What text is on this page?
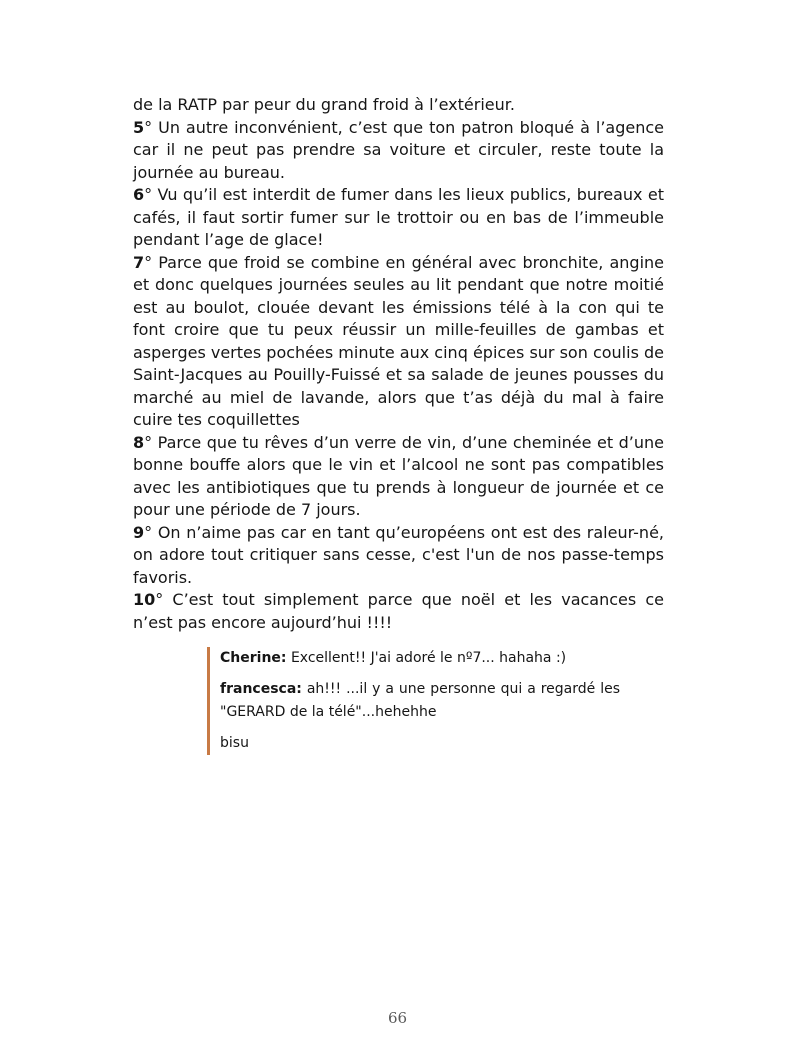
de la RATP par peur du grand froid à l’extérieur.

5° Un autre inconvénient, c’est que ton patron bloqué à l’agence car il ne peut pas prendre sa voiture et circuler, reste toute la journée au bureau.

6° Vu qu’il est interdit de fumer dans les lieux publics, bureaux et cafés, il faut sortir fumer sur le trottoir ou en bas de l’immeuble pendant l’age de glace!

7° Parce que froid se combine en général avec bronchite, angine et donc quelques journées seules au lit pendant que notre moitié est au boulot, clouée devant les émissions télé à la con qui te font croire que tu peux réussir un mille-feuilles de gambas et asperges vertes pochées minute aux cinq épices sur son coulis de Saint-Jacques au Pouilly-Fuissé et sa salade de jeunes pousses du marché au miel de lavande, alors que t’as déjà du mal à faire cuire tes coquillettes

8° Parce que tu rêves d’un verre de vin, d’une cheminée et d’une bonne bouffe alors que le vin et l’alcool ne sont pas compatibles avec les antibiotiques que tu prends à longueur de journée et ce pour une période de 7 jours.

9° On n’aime pas car en tant qu’européens ont est des raleur-né, on adore tout critiquer sans cesse, c'est l'un de nos passe-temps favoris.

10° C’est tout simplement parce que noël et les vacances ce n’est pas encore aujourd’hui !!!!

Cherine: Excellent!! J'ai adoré le nº7... hahaha :)

francesca: ah!!! ...il y a une personne qui a regardé les "GERARD de la télé"...hehehhe

bisu

66
